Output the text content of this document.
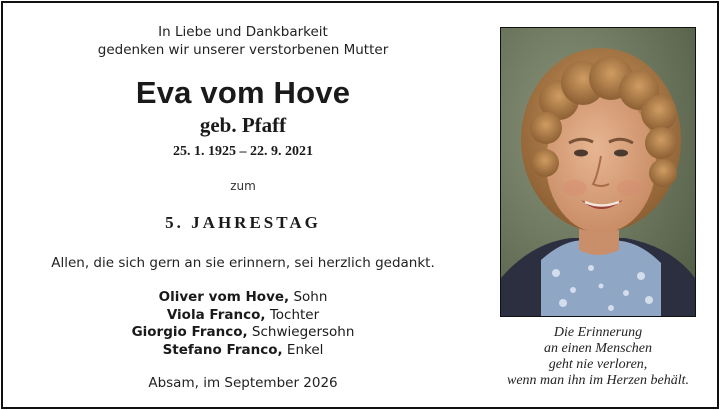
In Liebe und Dankbarkeit
gedenken wir unserer verstorbenen Mutter
Eva vom Hove
geb. Pfaff
25. 1. 1925 – 22. 9. 2021
zum
5. JAHRESTAG
Allen, die sich gern an sie erinnern, sei herzlich gedankt.
Oliver vom Hove, Sohn
Viola Franco, Tochter
Giorgio Franco, Schwiegersohn
Stefano Franco, Enkel
Absam, im September 2026
Die Erinnerung
an einen Menschen
geht nie verloren,
wenn man ihn im Herzen behält.
